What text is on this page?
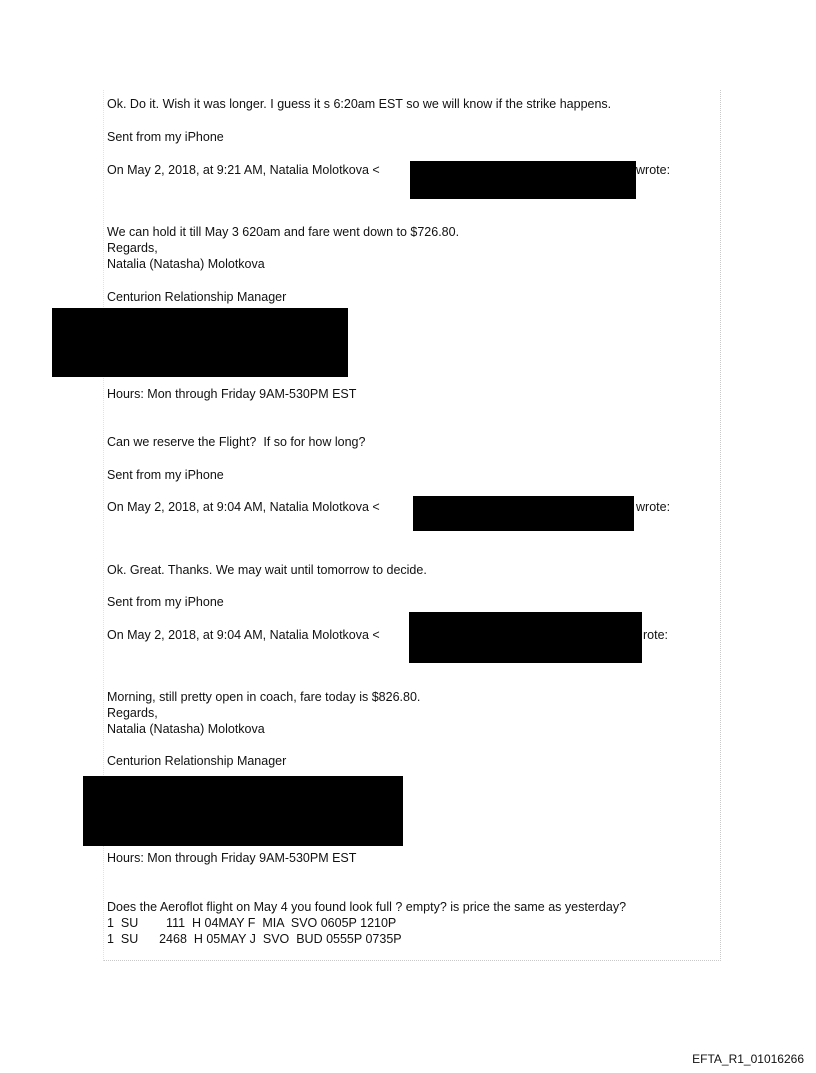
Ok. Do it. Wish it was longer. I guess it s 6:20am EST so we will know if the strike happens.
Sent from my iPhone
On May 2, 2018, at 9:21 AM, Natalia Molotkova <	wrote:
We can hold it till May 3 620am and fare went down to $726.80.
Regards,
Natalia (Natasha) Molotkova
Centurion Relationship Manager
Hours: Mon through Friday 9AM-530PM EST
Can we reserve the Flight?  If so for how long?
Sent from my iPhone
On May 2, 2018, at 9:04 AM, Natalia Molotkova <	wrote:
Ok. Great. Thanks. We may wait until tomorrow to decide.
Sent from my iPhone
On May 2, 2018, at 9:04 AM, Natalia Molotkova <	rote:
Morning, still pretty open in coach, fare today is $826.80.
Regards,
Natalia (Natasha) Molotkova
Centurion Relationship Manager
Hours: Mon through Friday 9AM-530PM EST
Does the Aeroflot flight on May 4 you found look full ? empty? is price the same as yesterday?
1  SU        111  H 04MAY F  MIA  SVO 0605P 1210P
1  SU      2468  H 05MAY J  SVO  BUD 0555P 0735P
EFTA_R1_01016266
